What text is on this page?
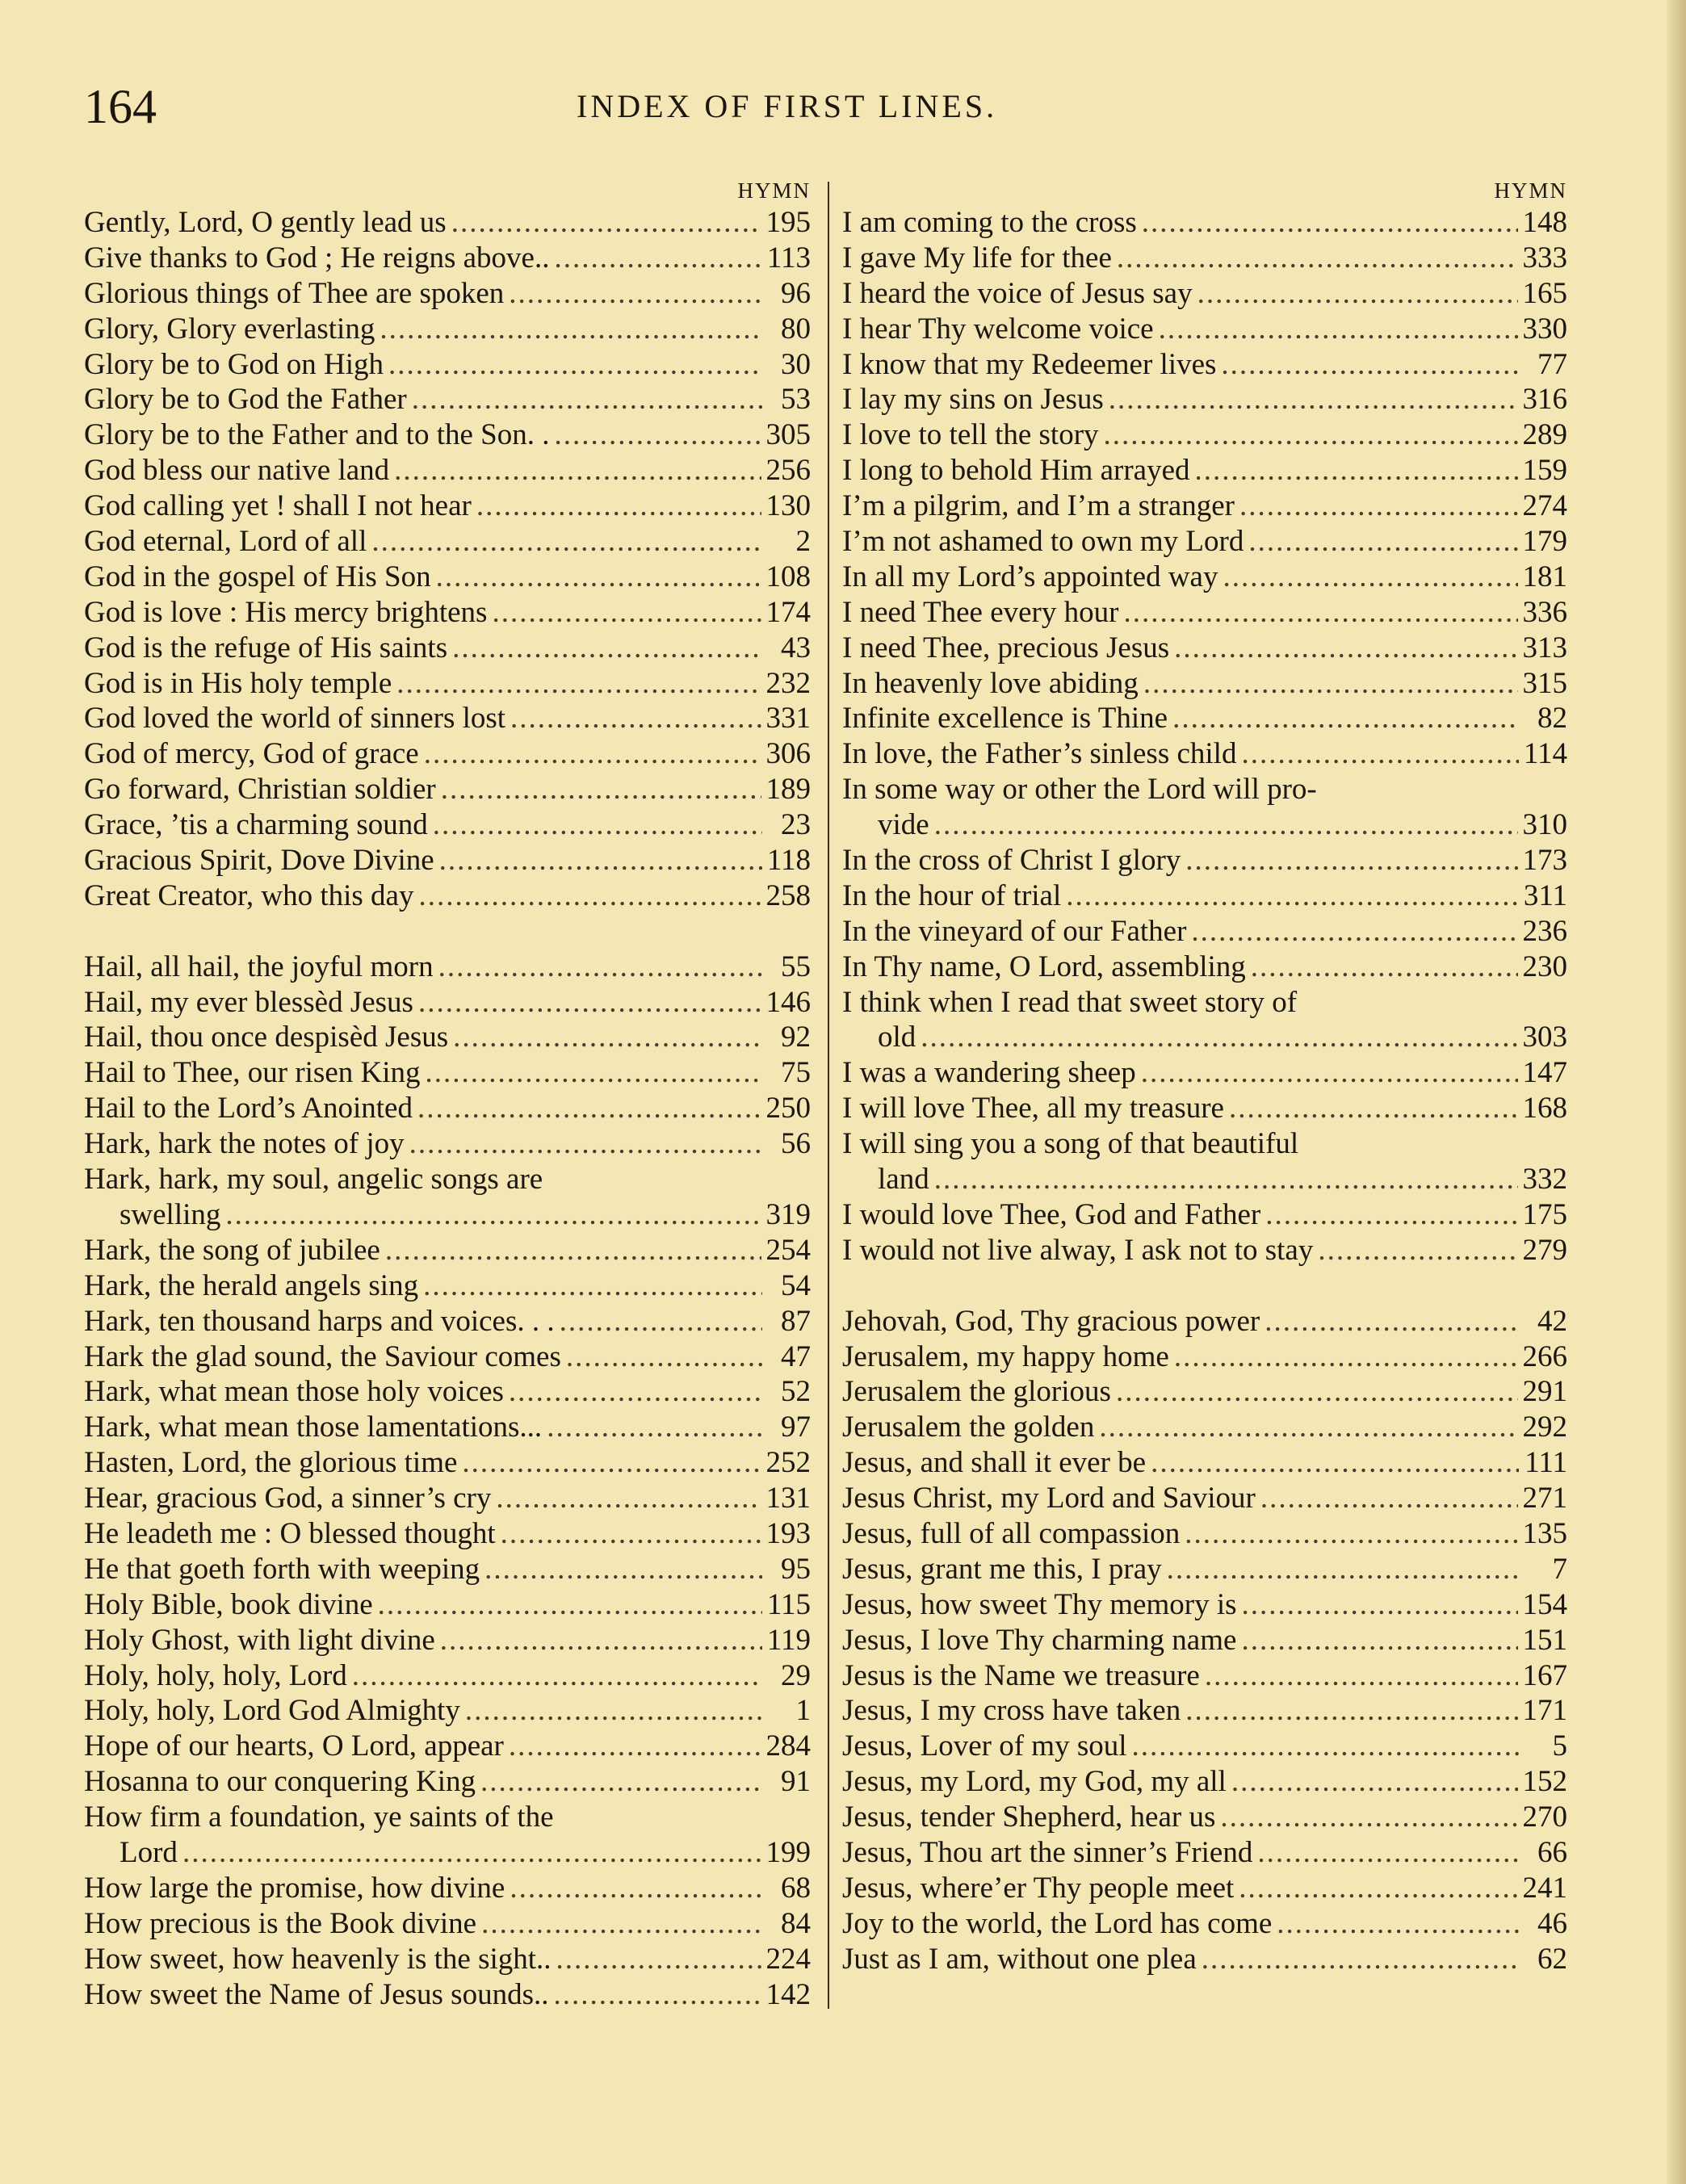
164	INDEX OF FIRST LINES.
HYMN
Gently, Lord, O gently lead us .....	195
Give thanks to God ; He reigns above.. .....	113
Glorious things of Thee are spoken .....	96
Glory, Glory everlasting .....	80
Glory be to God on High .....	30
Glory be to God the Father .....	53
Glory be to the Father and to the Son. . .....	305
God bless our native land .....	256
God calling yet ! shall I not hear .....	130
God eternal, Lord of all .....	2
God in the gospel of His Son .....	108
God is love : His mercy brightens .....	174
God is the refuge of His saints .....	43
God is in His holy temple .....	232
God loved the world of sinners lost .....	331
God of mercy, God of grace .....	306
Go forward, Christian soldier .....	189
Grace, ’tis a charming sound .....	23
Gracious Spirit, Dove Divine .....	118
Great Creator, who this day .....	258
Hail, all hail, the joyful morn .....	55
Hail, my ever blessèd Jesus .....	146
Hail, thou once despisèd Jesus .....	92
Hail to Thee, our risen King .....	75
Hail to the Lord’s Anointed .....	250
Hark, hark the notes of joy .....	56
Hark, hark, my soul, angelic songs are
swelling .....	319
Hark, the song of jubilee .....	254
Hark, the herald angels sing .....	54
Hark, ten thousand harps and voices. . . .....	87
Hark the glad sound, the Saviour comes .....	47
Hark, what mean those holy voices .....	52
Hark, what mean those lamentations... .....	97
Hasten, Lord, the glorious time .....	252
Hear, gracious God, a sinner’s cry .....	131
He leadeth me : O blessed thought .....	193
He that goeth forth with weeping .....	95
Holy Bible, book divine .....	115
Holy Ghost, with light divine .....	119
Holy, holy, holy, Lord .....	29
Holy, holy, Lord God Almighty .....	1
Hope of our hearts, O Lord, appear .....	284
Hosanna to our conquering King .....	91
How firm a foundation, ye saints of the
Lord .....	199
How large the promise, how divine .....	68
How precious is the Book divine .....	84
How sweet, how heavenly is the sight.. .....	224
How sweet the Name of Jesus sounds.. .....	142
HYMN
I am coming to the cross .....	148
I gave My life for thee .....	333
I heard the voice of Jesus say .....	165
I hear Thy welcome voice .....	330
I know that my Redeemer lives .....	77
I lay my sins on Jesus .....	316
I love to tell the story .....	289
I long to behold Him arrayed .....	159
I’m a pilgrim, and I’m a stranger .....	274
I’m not ashamed to own my Lord .....	179
In all my Lord’s appointed way .....	181
I need Thee every hour .....	336
I need Thee, precious Jesus .....	313
In heavenly love abiding .....	315
Infinite excellence is Thine .....	82
In love, the Father’s sinless child .....	114
In some way or other the Lord will pro-
vide .....	310
In the cross of Christ I glory .....	173
In the hour of trial .....	311
In the vineyard of our Father .....	236
In Thy name, O Lord, assembling .....	230
I think when I read that sweet story of
old .....	303
I was a wandering sheep .....	147
I will love Thee, all my treasure .....	168
I will sing you a song of that beautiful
land .....	332
I would love Thee, God and Father .....	175
I would not live alway, I ask not to stay .....	279
Jehovah, God, Thy gracious power .....	42
Jerusalem, my happy home .....	266
Jerusalem the glorious .....	291
Jerusalem the golden .....	292
Jesus, and shall it ever be .....	111
Jesus Christ, my Lord and Saviour .....	271
Jesus, full of all compassion .....	135
Jesus, grant me this, I pray .....	7
Jesus, how sweet Thy memory is .....	154
Jesus, I love Thy charming name .....	151
Jesus is the Name we treasure .....	167
Jesus, I my cross have taken .....	171
Jesus, Lover of my soul .....	5
Jesus, my Lord, my God, my all .....	152
Jesus, tender Shepherd, hear us .....	270
Jesus, Thou art the sinner’s Friend .....	66
Jesus, where’er Thy people meet .....	241
Joy to the world, the Lord has come .....	46
Just as I am, without one plea .....	62
